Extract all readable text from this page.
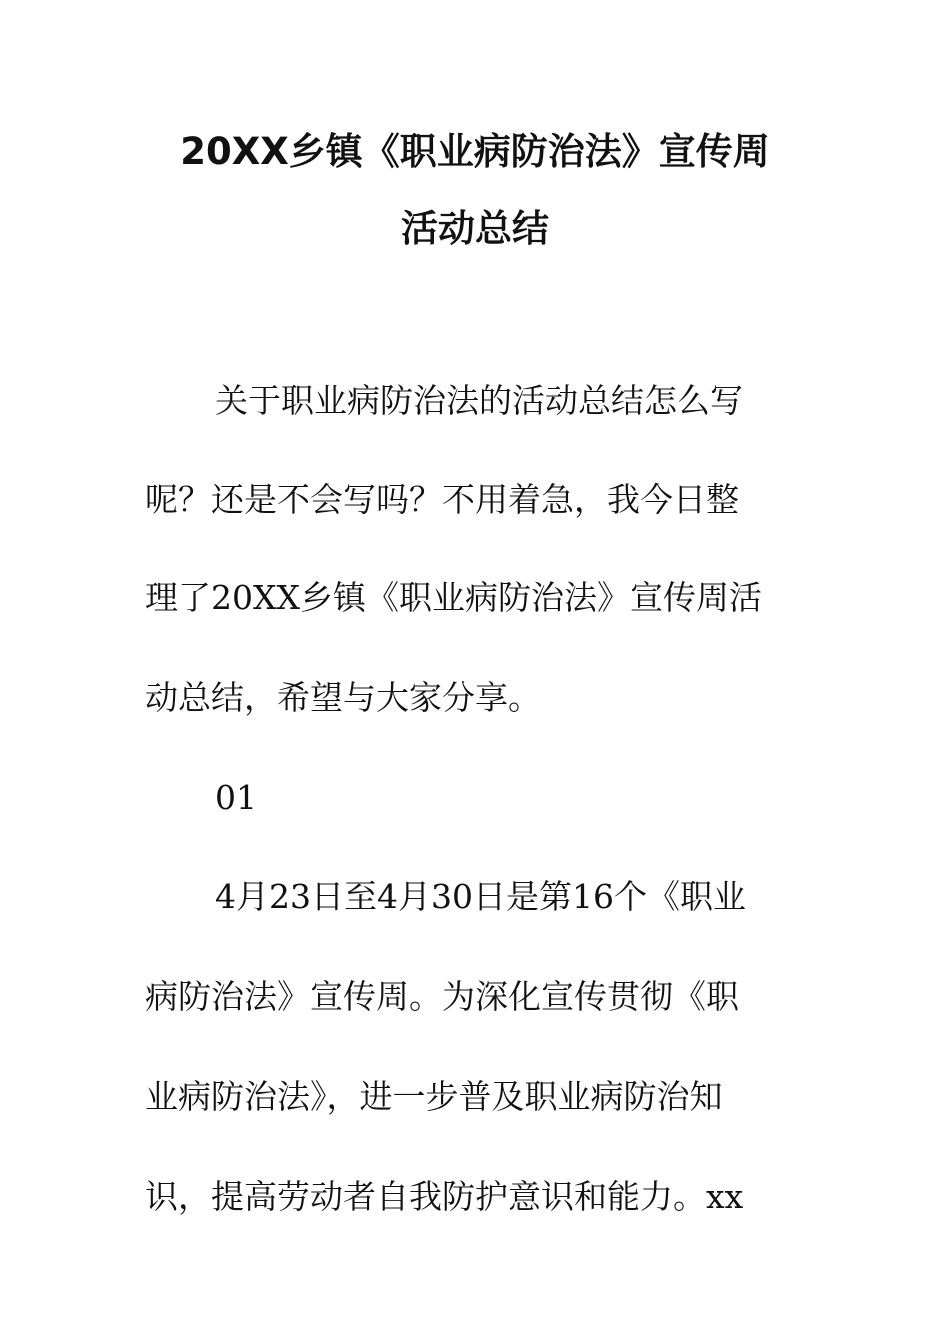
20XX乡镇《职业病防治法》宣传周
活动总结

关于职业病防治法的活动总结怎么写

呢？还是不会写吗？不用着急，我今日整

理了20XX乡镇《职业病防治法》宣传周活

动总结，希望与大家分享。

01

4月23日至4月30日是第16个《职业

病防治法》宣传周。为深化宣传贯彻《职

业病防治法》，进一步普及职业病防治知

识，提高劳动者自我防护意识和能力。xx
